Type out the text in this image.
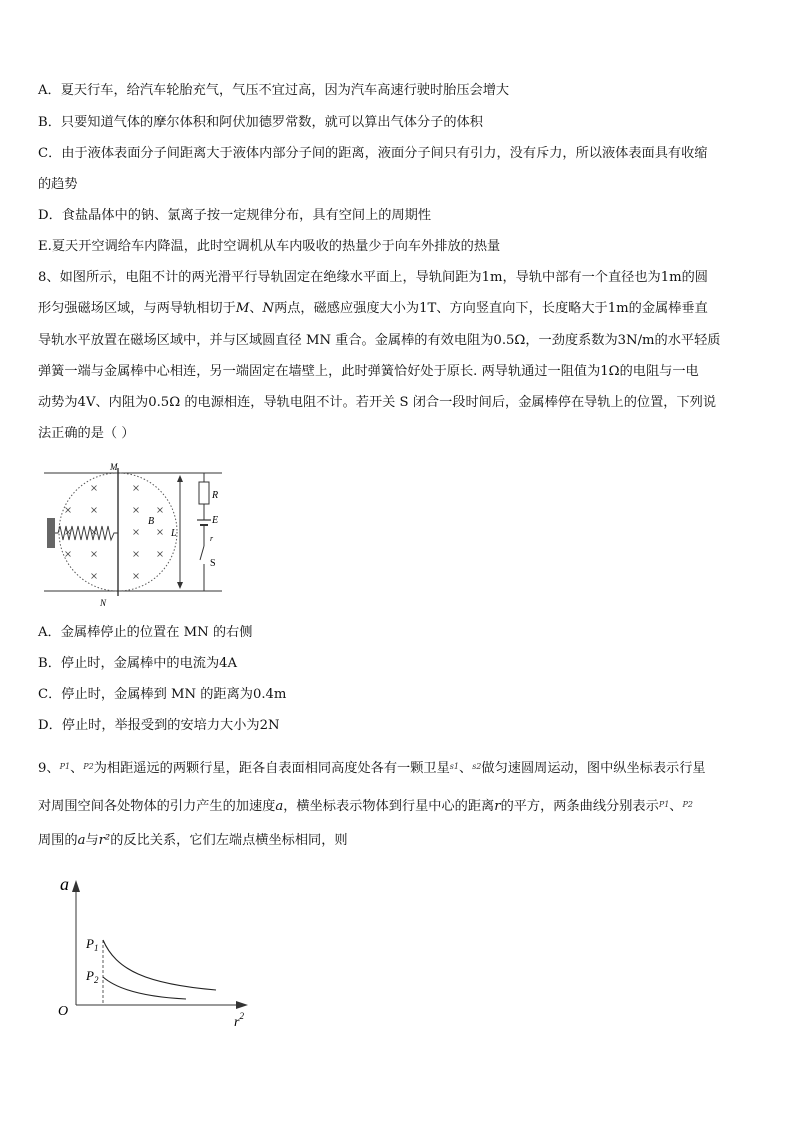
A．夏天行车，给汽车轮胎充气，气压不宜过高，因为汽车高速行驶时胎压会增大
B．只要知道气体的摩尔体积和阿伏加德罗常数，就可以算出气体分子的体积
C．由于液体表面分子间距离大于液体内部分子间的距离，液面分子间只有引力，没有斥力，所以液体表面具有收缩
的趋势
D．食盐晶体中的钠、氯离子按一定规律分布，具有空间上的周期性
E.夏天开空调给车内降温，此时空调机从车内吸收的热量少于向车外排放的热量
8、如图所示，电阻不计的两光滑平行导轨固定在绝缘水平面上，导轨间距为1m，导轨中部有一个直径也为1m的圆
形匀强磁场区域，与两导轨相切于M、N两点，磁感应强度大小为1T、方向竖直向下，长度略大于1m的金属棒垂直
导轨水平放置在磁场区域中，并与区域圆直径 MN 重合。金属棒的有效电阻为0.5Ω，一劲度系数为3N/m的水平轻质
弹簧一端与金属棒中心相连，另一端固定在墙壁上，此时弹簧恰好处于原长. 两导轨通过一阻值为1Ω的电阻与一电
动势为4V、内阻为0.5Ω 的电源相连，导轨电阻不计。若开关 S 闭合一段时间后，金属棒停在导轨上的位置，下列说
法正确的是（ ）
M
N
B
L
R
E
r
S
A．金属棒停止的位置在 MN 的右侧
B．停止时，金属棒中的电流为4A
C．停止时，金属棒到 MN 的距离为0.4m
D．停止时，举报受到的安培力大小为2N
9、$^{P1}$、$^{P2}$为相距遥远的两颗行星，距各自表面相同高度处各有一颗卫星$^{s1}$、$^{s2}$做匀速圆周运动，图中纵坐标表示行星
对周围空间各处物体的引力产生的加速度a，横坐标表示物体到行星中心的距离r的平方，两条曲线分别表示$^{P1}$、$^{P2}$
周围的a与r²的反比关系，它们左端点横坐标相同，则
a
O
$P_1$
$P_2$
$r^2$
